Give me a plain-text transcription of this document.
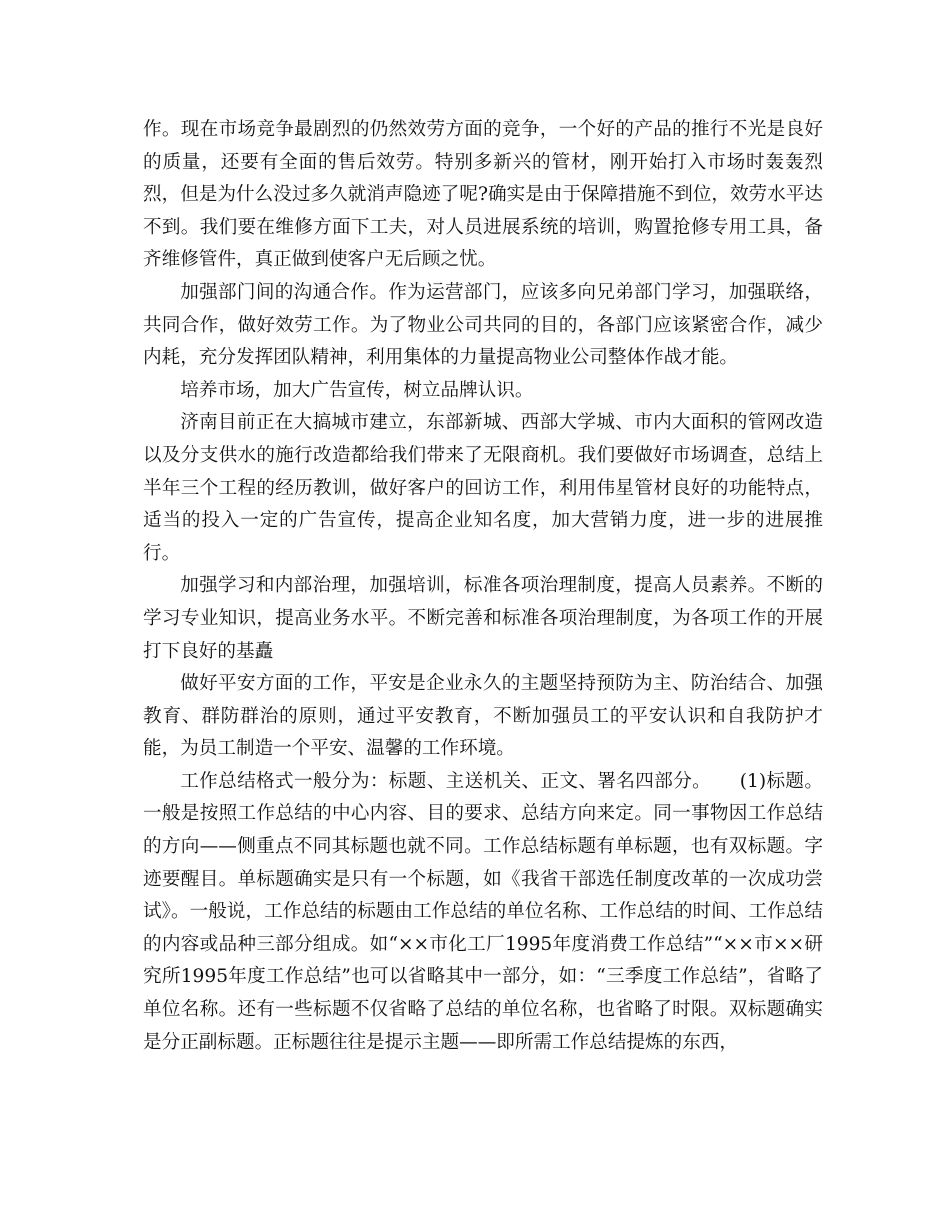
作。现在市场竞争最剧烈的仍然效劳方面的竞争，一个好的产品的推行不光是良好的质量，还要有全面的售后效劳。特别多新兴的管材，刚开始打入市场时轰轰烈烈，但是为什么没过多久就消声隐迹了呢?确实是由于保障措施不到位，效劳水平达不到。我们要在维修方面下工夫，对人员进展系统的培训，购置抢修专用工具，备齐维修管件，真正做到使客户无后顾之忧。

加强部门间的沟通合作。作为运营部门，应该多向兄弟部门学习，加强联络，共同合作，做好效劳工作。为了物业公司共同的目的，各部门应该紧密合作，减少内耗，充分发挥团队精神，利用集体的力量提高物业公司整体作战才能。

培养市场，加大广告宣传，树立品牌认识。

济南目前正在大搞城市建立，东部新城、西部大学城、市内大面积的管网改造以及分支供水的施行改造都给我们带来了无限商机。我们要做好市场调查，总结上半年三个工程的经历教训，做好客户的回访工作，利用伟星管材良好的功能特点，适当的投入一定的广告宣传，提高企业知名度，加大营销力度，进一步的进展推行。

加强学习和内部治理，加强培训，标准各项治理制度，提高人员素养。不断的学习专业知识，提高业务水平。不断完善和标准各项治理制度，为各项工作的开展打下良好的基矗

做好平安方面的工作，平安是企业永久的主题坚持预防为主、防治结合、加强教育、群防群治的原则，通过平安教育，不断加强员工的平安认识和自我防护才能，为员工制造一个平安、温馨的工作环境。

工作总结格式一般分为：标题、主送机关、正文、署名四部分。　　(1)标题。一般是按照工作总结的中心内容、目的要求、总结方向来定。同一事物因工作总结的方向——侧重点不同其标题也就不同。工作总结标题有单标题，也有双标题。字迹要醒目。单标题确实是只有一个标题，如《我省干部选任制度改革的一次成功尝试》。一般说，工作总结的标题由工作总结的单位名称、工作总结的时间、工作总结的内容或品种三部分组成。如“××市化工厂1995年度消费工作总结”“××市××研究所1995年度工作总结”也可以省略其中一部分，如：“三季度工作总结”，省略了单位名称。还有一些标题不仅省略了总结的单位名称，也省略了时限。双标题确实是分正副标题。正标题往往是提示主题——即所需工作总结提炼的东西，
